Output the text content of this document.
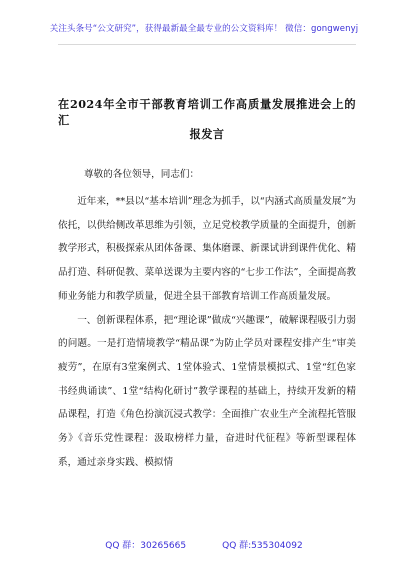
关注头条号“公文研究”，获得最新最全最专业的公文资料库！ 微信：gongwenyj
在2024年全市干部教育培训工作高质量发展推进会上的汇
报发言
尊敬的各位领导，同志们：

近年来，**县以“基本培训”理念为抓手，以“内涵式高质量发展”为依托，以供给侧改革思维为引领，立足党校教学质量的全面提升，创新教学形式，积极探索从团体备课、集体磨课、新课试讲到课件优化、精品打造、科研促教、菜单送课为主要内容的“七步工作法”，全面提高教师业务能力和教学质量，促进全县干部教育培训工作高质量发展。

一、创新课程体系，把“理论课”做成“兴趣课”，破解课程吸引力弱的问题。一是打造情境教学“精品课”为防止学员对课程安排产生“审美疲劳”，在原有3堂案例式、1堂体验式、1堂情景模拟式、1堂“红色家书经典诵读”、1堂“结构化研讨”教学课程的基础上，持续开发新的精品课程，打造《角色扮演沉浸式教学：全面推广农业生产全流程托管服务》《音乐党性课程：汲取榜样力量，奋进时代征程》等新型课程体系，通过亲身实践、模拟情

QQ 群：30265665	QQ 群:535304092
